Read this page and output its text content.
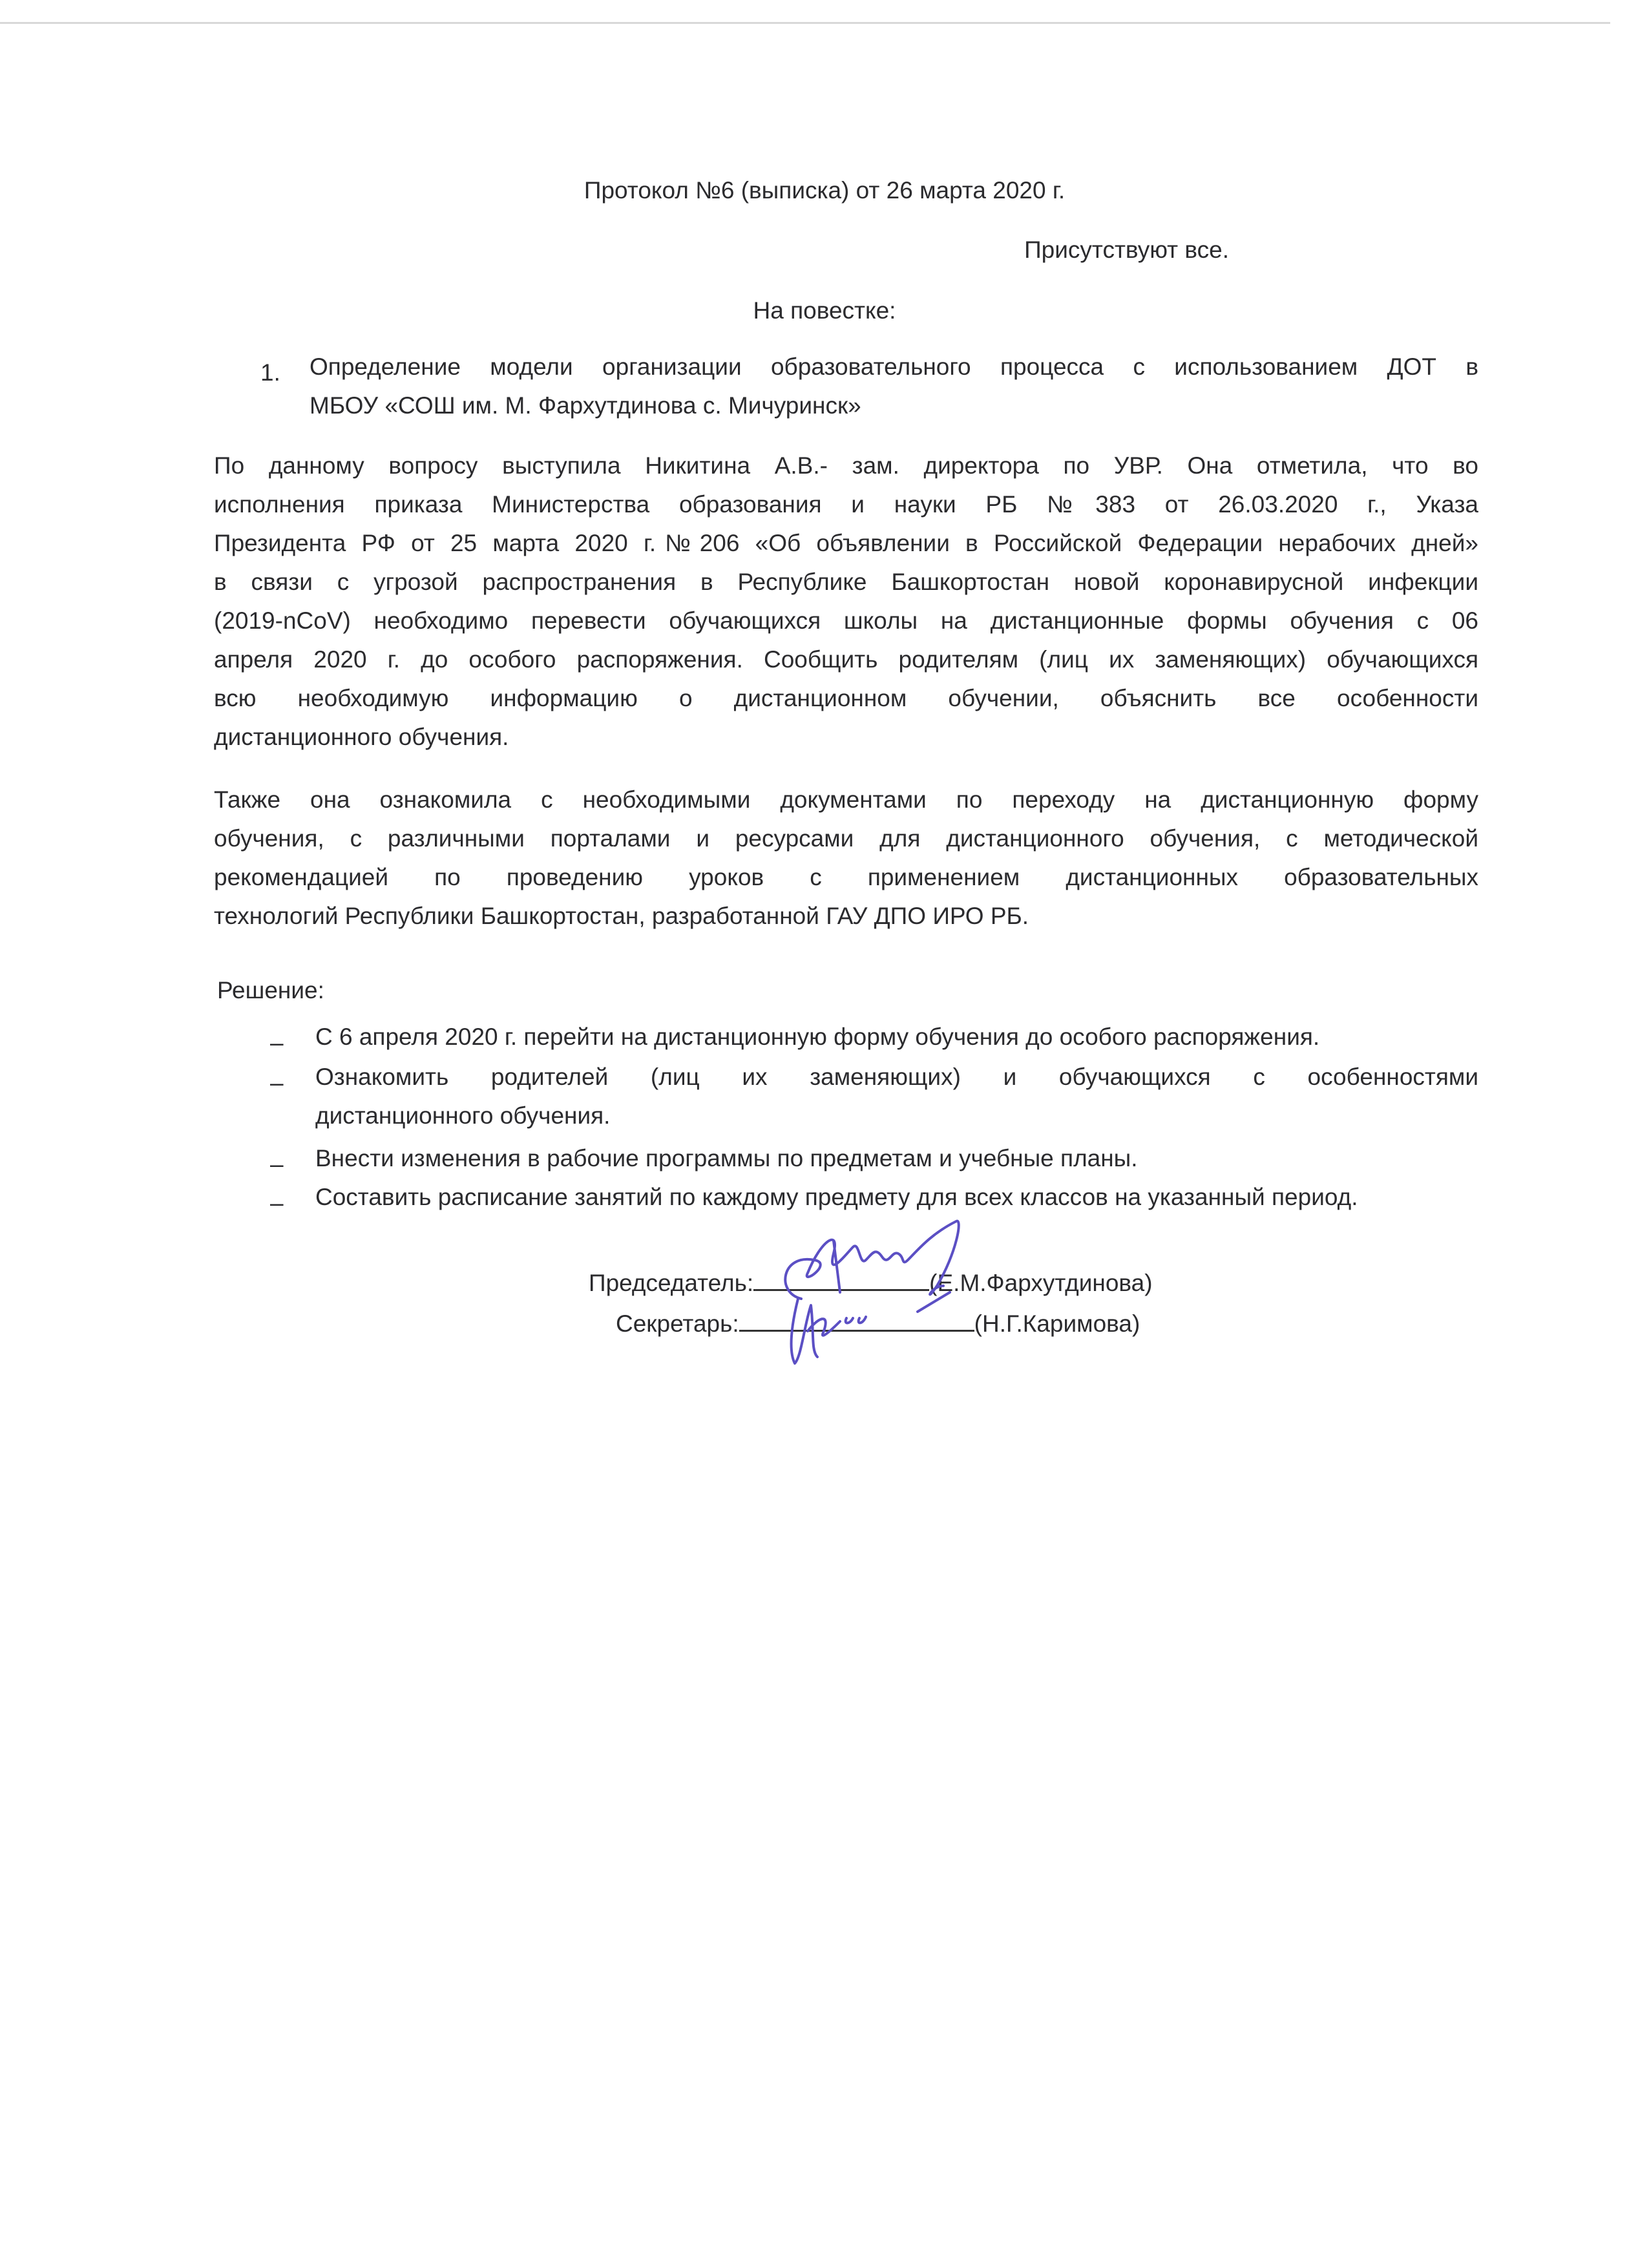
Протокол №6 (выписка) от 26 марта 2020 г.
Присутствуют все.
На повестке:
1. Определение модели организации образовательного процесса с использованием ДОТ в
МБОУ «СОШ им. М. Фархутдинова с. Мичуринск»
По данному вопросу выступила Никитина А.В.- зам. директора по УВР. Она отметила, что во
исполнения приказа Министерства образования и науки РБ №383 от 26.03.2020 г., Указа
Президента РФ от 25 марта 2020 г.№206 «Об объявлении в Российской Федерации нерабочих дней»
в связи с угрозой распространения в Республике Башкортостан новой коронавирусной инфекции
(2019-nCoV) необходимо перевести обучающихся школы на дистанционные формы обучения с 06
апреля 2020 г. до особого распоряжения. Сообщить родителям (лиц их заменяющих) обучающихся
всю необходимую информацию о дистанционном обучении, объяснить все особенности
дистанционного обучения.
Также она ознакомила с необходимыми документами по переходу на дистанционную форму
обучения, с различными порталами и ресурсами для дистанционного обучения, с методической
рекомендацией по проведению уроков с применением дистанционных образовательных
технологий Республики Башкортостан, разработанной ГАУ ДПО ИРО РБ.
Решение:
– С 6 апреля 2020 г. перейти на дистанционную форму обучения до особого распоряжения.
– Ознакомить родителей (лиц их заменяющих) и обучающихся с особенностями
дистанционного обучения.
– Внести изменения в рабочие программы по предметам и учебные планы.
– Составить расписание занятий по каждому предмету для всех классов на указанный период.
Председатель:	(Е.М.Фархутдинова)
Секретарь:	(Н.Г.Каримова)
